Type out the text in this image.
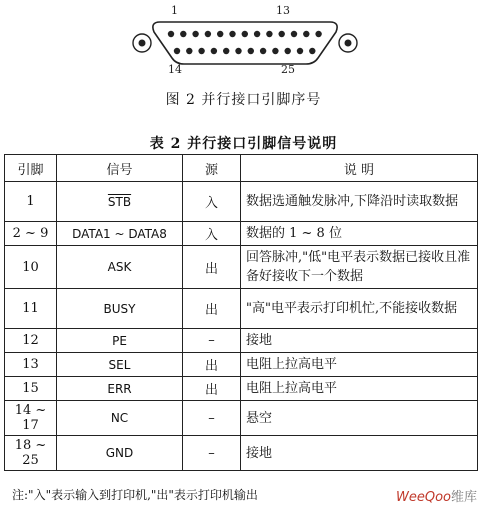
1	13
14	25
图 2 并行接口引脚序号
表 2 并行接口引脚信号说明
引脚	信号	源	说 明
1	$\overline{STB}$	入	数据选通触发脉冲,下降沿时读取数据
2 ~ 9	DATA1 ~ DATA8	入	数据的 1 ~ 8 位
10	ASK	出	回答脉冲,"低"电平表示数据已接收且准备好接收下一个数据
11	BUSY	出	"高"电平表示打印机忙,不能接收数据
12	PE	–	接地
13	SEL	出	电阻上拉高电平
15	ERR	出	电阻上拉高电平
14 ~ 17	NC	–	悬空
18 ~ 25	GND	–	接地
注:"入"表示输入到打印机,"出"表示打印机输出	WeeQoo维库
